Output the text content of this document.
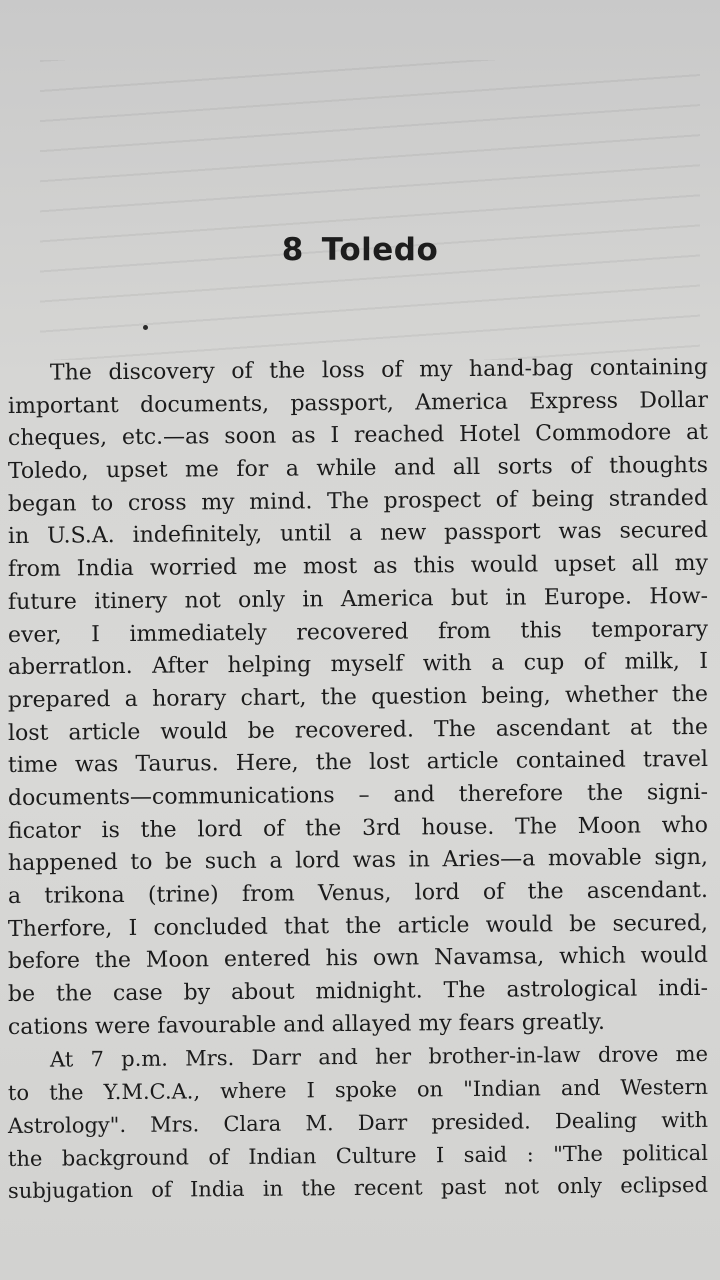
8 Toledo
The discovery of the loss of my hand-bag containing
important documents, passport, America Express Dollar
cheques, etc.—as soon as I reached Hotel Commodore at
Toledo, upset me for a while and all sorts of thoughts
began to cross my mind. The prospect of being stranded
in U.S.A. indefinitely, until a new passport was secured
from India worried me most as this would upset all my
future itinery not only in America but in Europe. How-
ever, I immediately recovered from this temporary
aberratlon. After helping myself with a cup of milk, I
prepared a horary chart, the question being, whether the
lost article would be recovered. The ascendant at the
time was Taurus. Here, the lost article contained travel
documents—communications – and therefore the signi-
ficator is the lord of the 3rd house. The Moon who
happened to be such a lord was in Aries—a movable sign,
a trikona (trine) from Venus, lord of the ascendant.
Therfore, I concluded that the article would be secured,
before the Moon entered his own Navamsa, which would
be the case by about midnight. The astrological indi-
cations were favourable and allayed my fears greatly.
At 7 p.m. Mrs. Darr and her brother-in-law drove me
to the Y.M.C.A., where I spoke on "Indian and Western
Astrology". Mrs. Clara M. Darr presided. Dealing with
the background of Indian Culture I said : "The political
subjugation of India in the recent past not only eclipsed
